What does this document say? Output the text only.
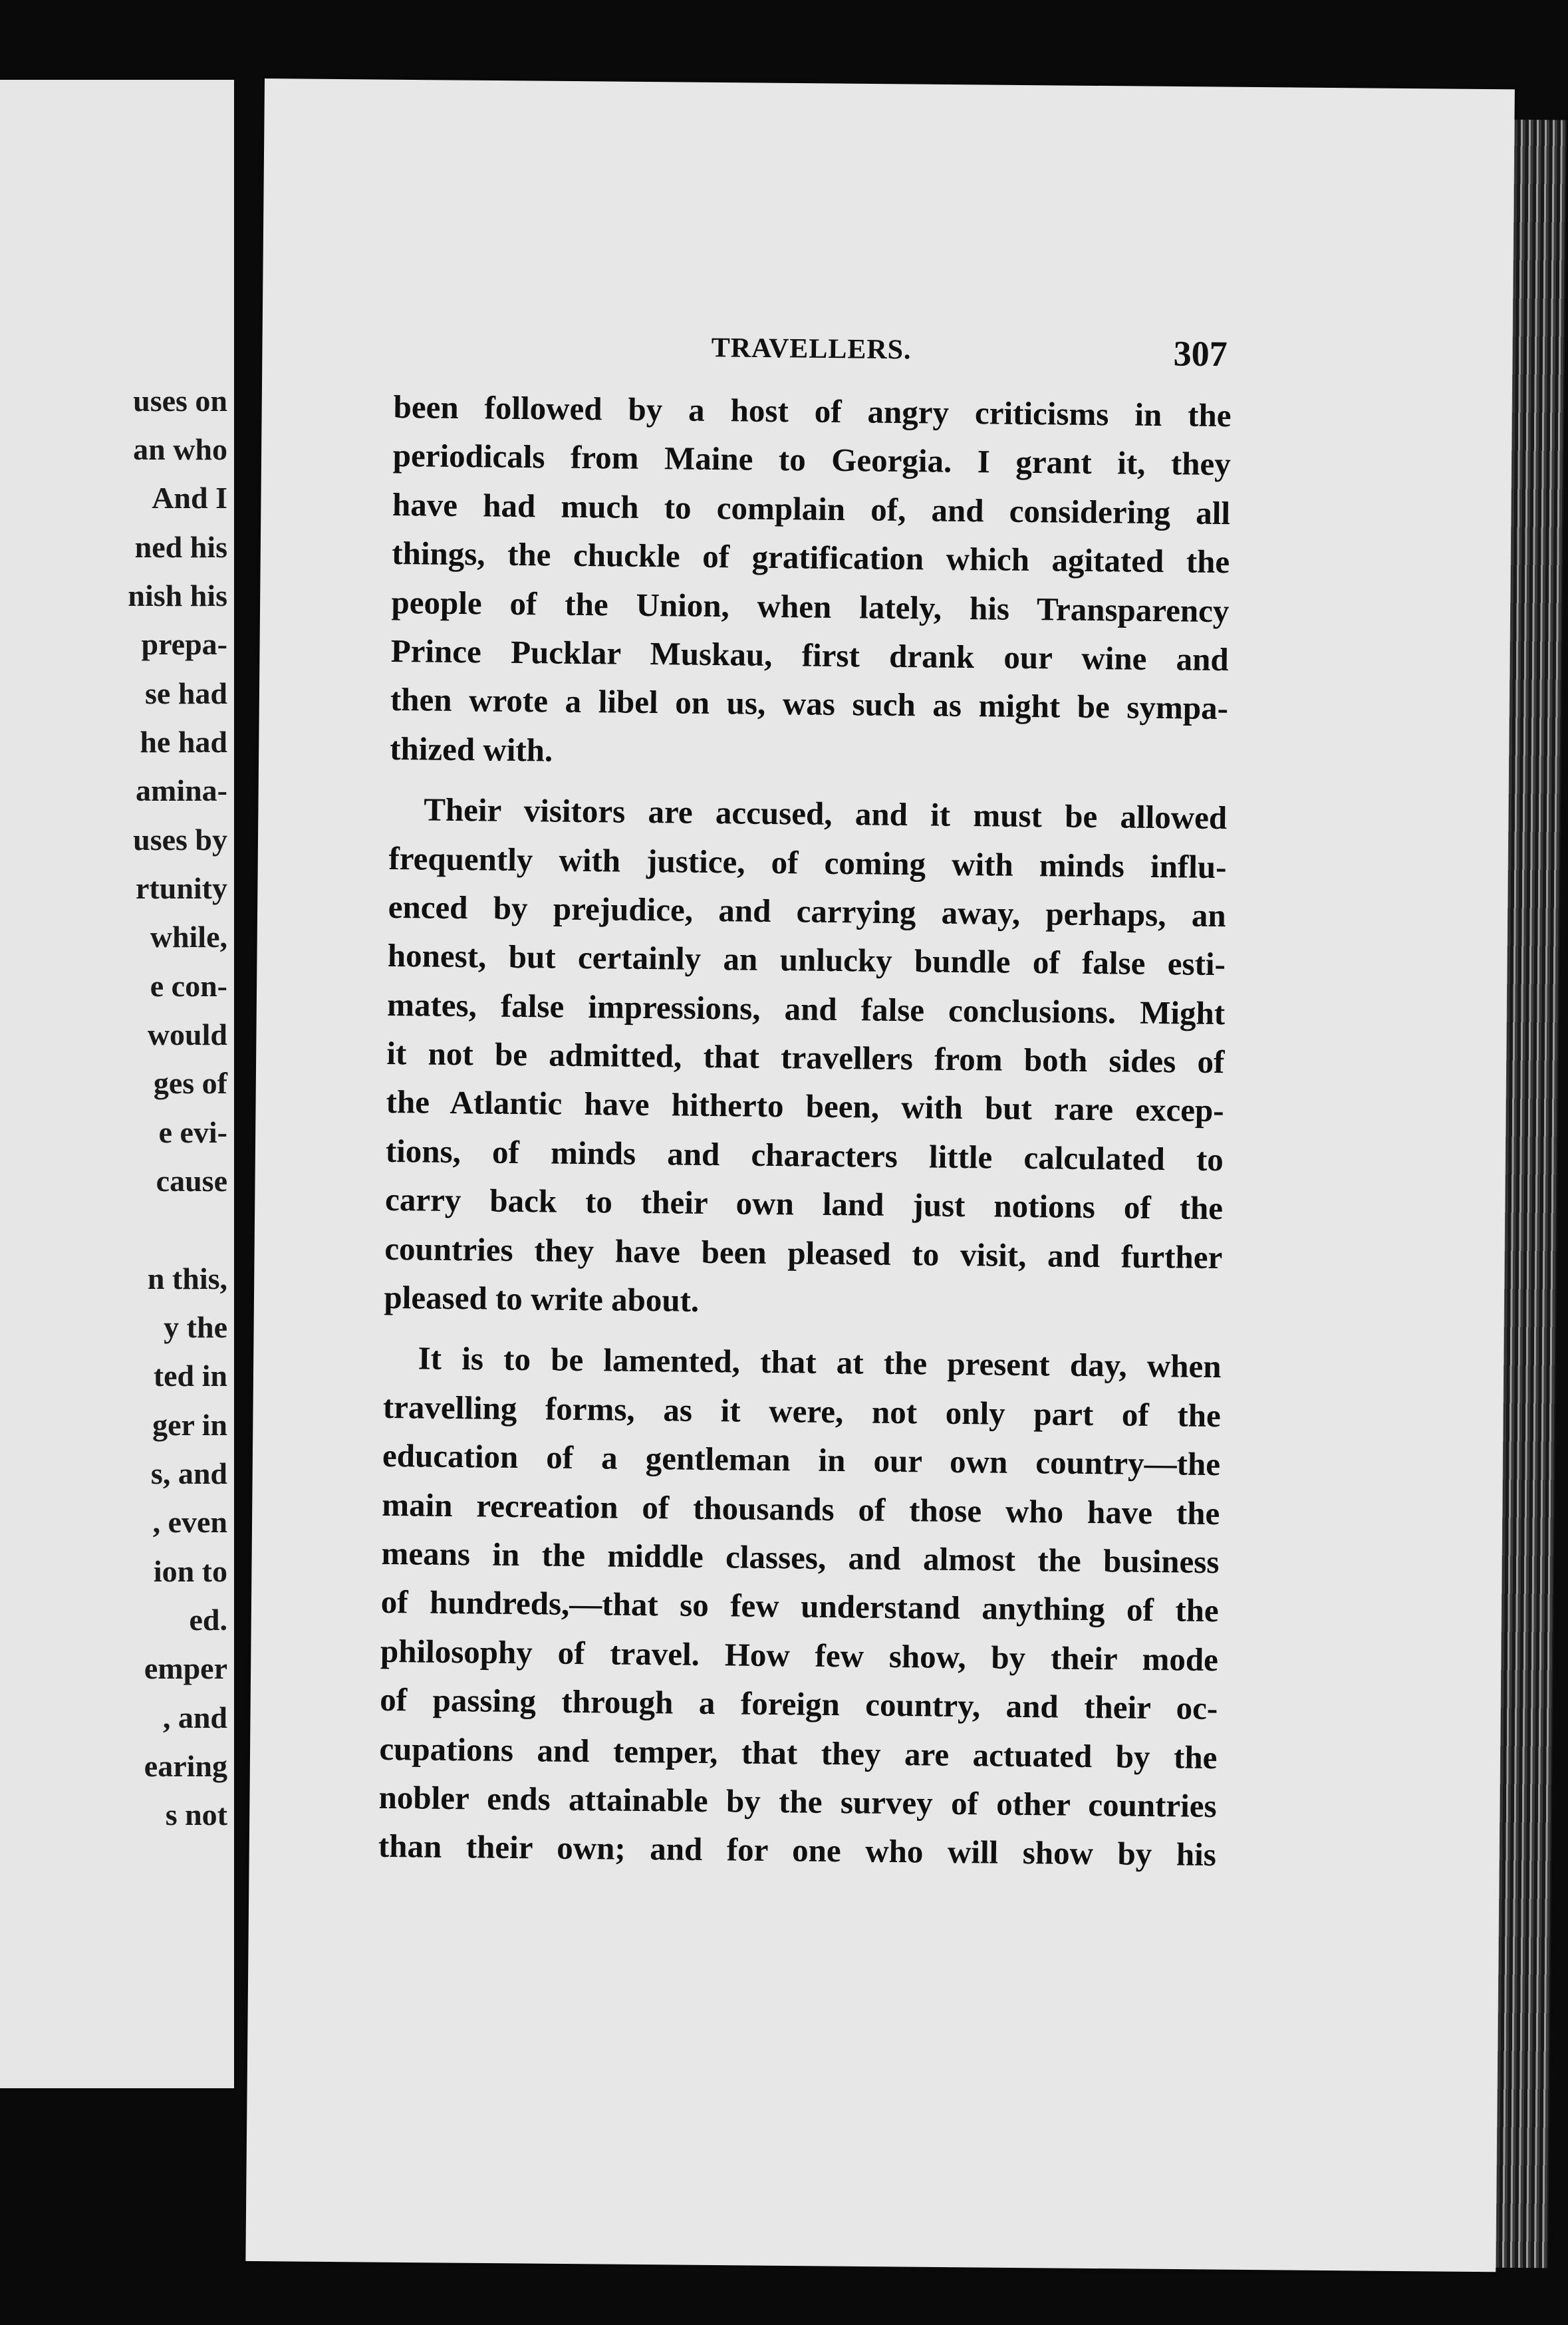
uses on
an who
And I
ned his
nish his
prepa-
se had
he had
amina-
uses by
rtunity
while,
e con-
would
ges of
e evi-
cause
n this,
y the
ted in
ger in
s, and
, even
ion to
ed.
emper
, and
earing
s not
TRAVELLERS.	307
been followed by a host of angry criticisms in the
periodicals from Maine to Georgia. I grant it, they
have had much to complain of, and considering all
things, the chuckle of gratification which agitated the
people of the Union, when lately, his Transparency
Prince Pucklar Muskau, first drank our wine and
then wrote a libel on us, was such as might be sympa-
thized with.
Their visitors are accused, and it must be allowed
frequently with justice, of coming with minds influ-
enced by prejudice, and carrying away, perhaps, an
honest, but certainly an unlucky bundle of false esti-
mates, false impressions, and false conclusions. Might
it not be admitted, that travellers from both sides of
the Atlantic have hitherto been, with but rare excep-
tions, of minds and characters little calculated to
carry back to their own land just notions of the
countries they have been pleased to visit, and further
pleased to write about.
It is to be lamented, that at the present day, when
travelling forms, as it were, not only part of the
education of a gentleman in our own country—the
main recreation of thousands of those who have the
means in the middle classes, and almost the business
of hundreds,—that so few understand anything of the
philosophy of travel. How few show, by their mode
of passing through a foreign country, and their oc-
cupations and temper, that they are actuated by the
nobler ends attainable by the survey of other countries
than their own; and for one who will show by his
